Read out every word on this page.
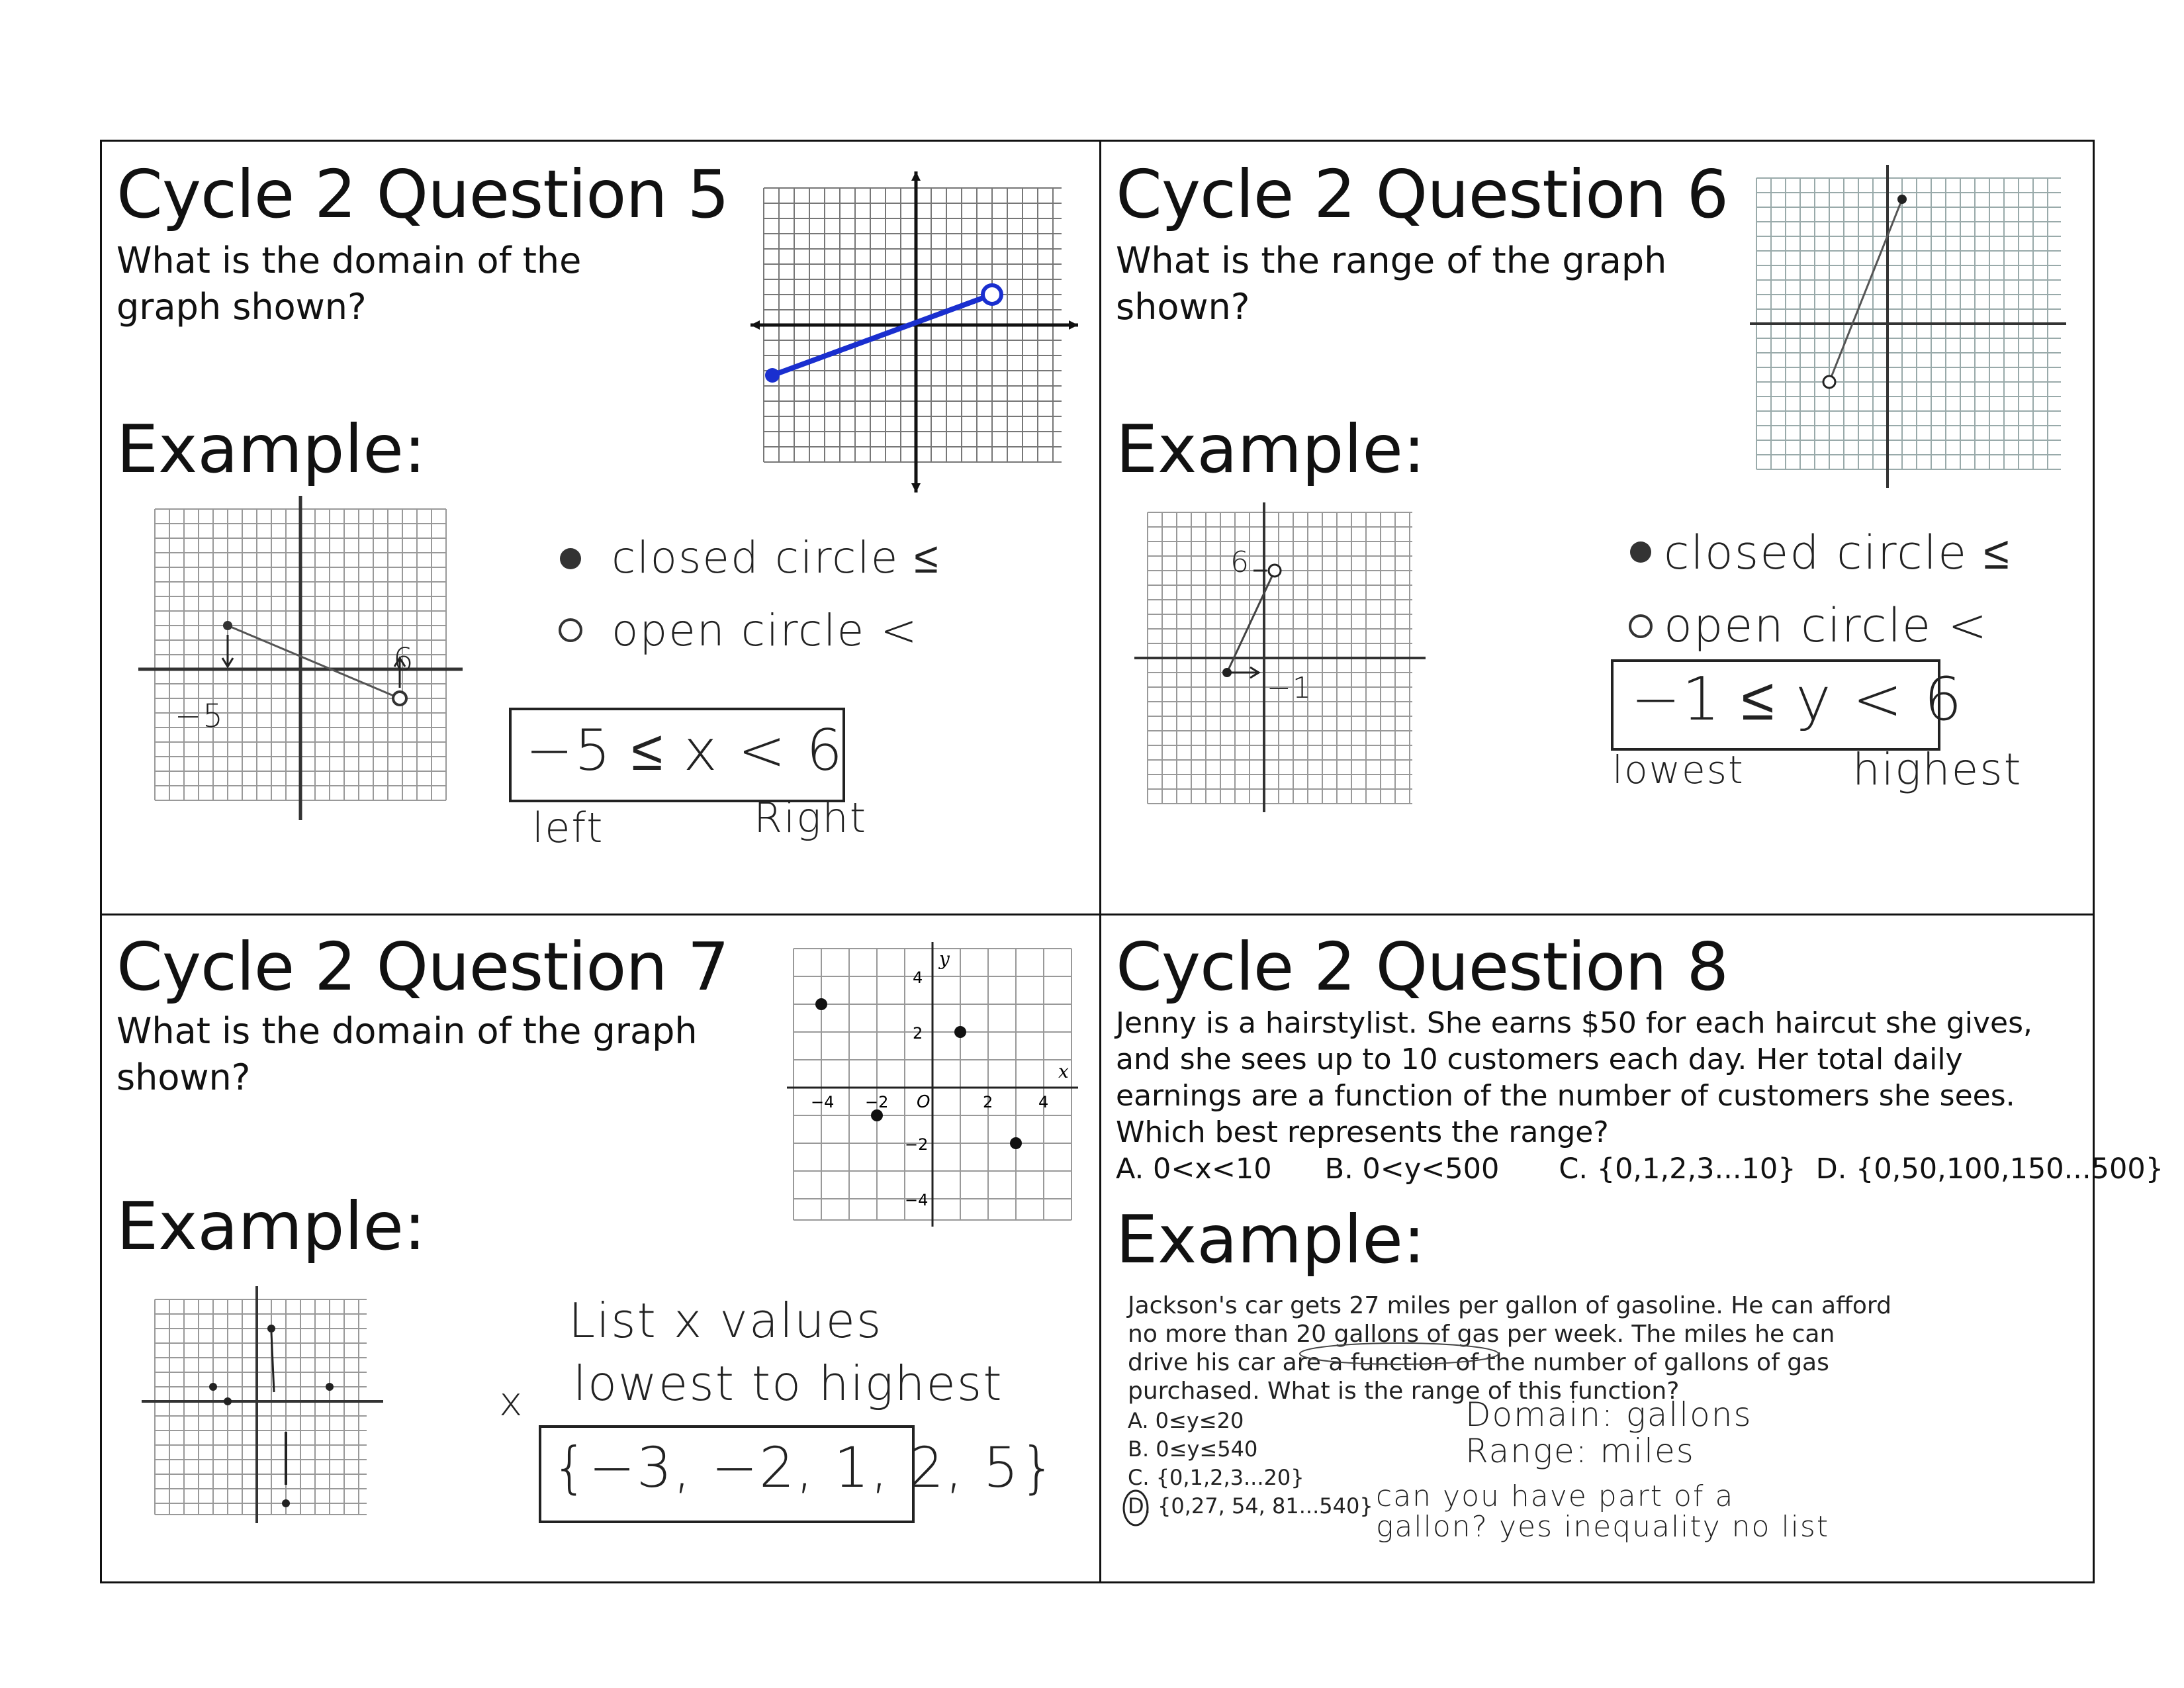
Cycle 2 Question 5
What is the domain of the graph shown?
Example:
−5
6
closed circle ≤
open circle <
−5 ≤ x < 6
left	Right
Cycle 2 Question 6
What is the range of the graph shown?
Example:
6
−1
closed circle ≤
open circle <
−1 ≤ y < 6
lowest highest
Cycle 2 Question 7
What is the domain of the graph shown?
Example:
y
x
4
2
−2
−4
−4 −2 O	2	4
x
List x values
lowest to highest
{−3, −2, 1, 2, 5}
Cycle 2 Question 8
Jenny is a hairstylist. She earns $50 for each haircut she gives,
and she sees up to 10 customers each day. Her total daily
earnings are a function of the number of customers she sees.
Which best represents the range?
A. 0<x<10 B. 0<y<500 C. {0,1,2,3...10} D. {0,50,100,150...500}
Example:
Jackson's car gets 27 miles per gallon of gasoline. He can afford
no more than 20 gallons of gas per week. The miles he can
drive his car are a function of the number of gallons of gas
purchased. What is the range of this function?
A. 0≤y≤20
B. 0≤y≤540
C. {0,1,2,3...20}
D. {0,27, 54, 81...540}
Domain: gallons
Range: miles
can you have part of a
gallon? yes inequality no list
